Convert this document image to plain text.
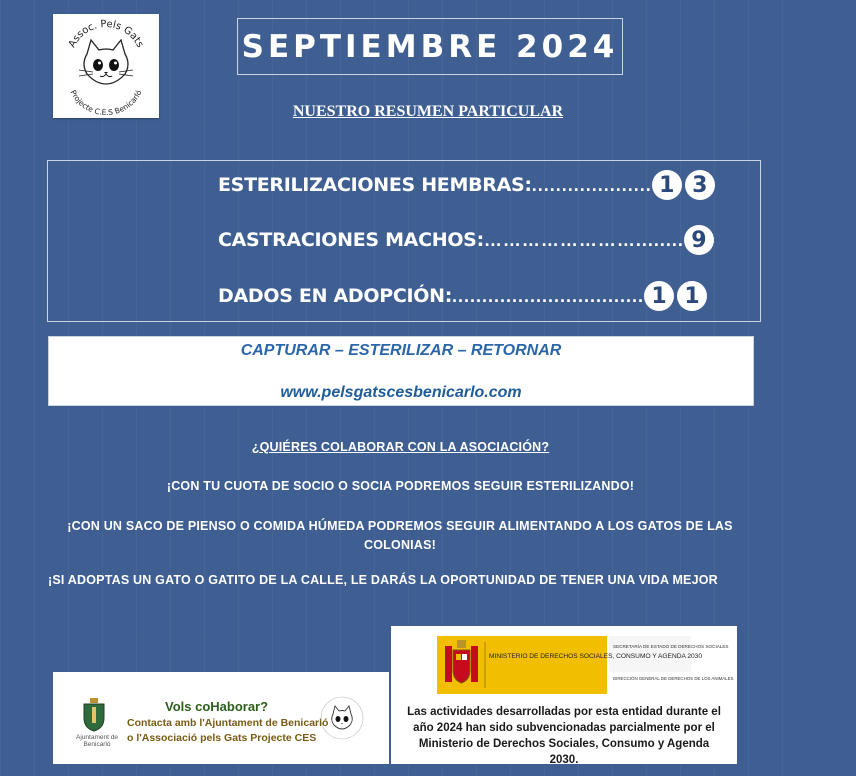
Assoc. Pels Gats
Projecte C.E.S Benicarló
SEPTIEMBRE 2024
NUESTRO RESUMEN PARTICULAR
ESTERILIZACIONES HEMBRAS: .................... 1 3
CASTRACIONES MACHOS: ……………………........ 9
DADOS EN ADOPCIÓN: ................................ 1 1
CAPTURAR – ESTERILIZAR – RETORNAR
www.pelsgatscesbenicarlo.com
¿QUIÉRES COLABORAR CON LA ASOCIACIÓN?
¡CON TU CUOTA DE SOCIO O SOCIA PODREMOS SEGUIR ESTERILIZANDO!
¡CON UN SACO DE PIENSO O COMIDA HÚMEDA PODREMOS SEGUIR ALIMENTANDO A LOS GATOS DE LAS COLONIAS!
¡SI ADOPTAS UN GATO O GATITO DE LA CALLE, LE DARÁS LA OPORTUNIDAD DE TENER UNA VIDA MEJOR
Ajuntament de Benicarló
Vols coHaborar?
Contacta amb l'Ajuntament de Benicarló
o l'Associació pels Gats Projecte CES
MINISTERIO DE DERECHOS SOCIALES, CONSUMO Y AGENDA 2030
SECRETARÍA DE ESTADO DE DERECHOS SOCIALES
DIRECCIÓN GENERAL DE DERECHOS DE LOS ANIMALES
Las actividades desarrolladas por esta entidad durante el año 2024 han sido subvencionadas parcialmente por el Ministerio de Derechos Sociales, Consumo y Agenda 2030.
